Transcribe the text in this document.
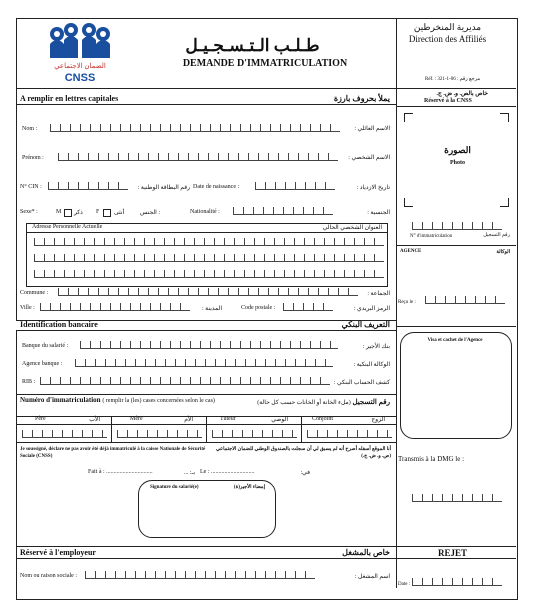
الضمان الاجتماعي
CNSS
طـلـب الـتـسـجـيـل
DEMANDE D'IMMATRICULATION
مديرية المنخرطين
Direction des Affiliés
Réf. : 321-1-06 : مرجع رقم
A remplir en lettres capitales	يملأ بحروف بارزة	خاص بالص. و. ض. ج.
Réservé à la CNSS
Nom :	الاسم العائلي :
Prénom :	الاسم الشخصي :
N° CIN :	رقم البطاقة الوطنية : Date de naissance :	تاريخ الازدياد :
Sexe* :	M ذكر F أنثى	الجنس :	Nationalité :	الجنسية :
Adresse Personnelle Actuelle	العنوان الشخصي الحالي
Commune :	الجماعة :
Ville :	المدينة :	Code postale :	الرمز البريدي :
الصورة
Photo
N° d'immatriculation	رقم التسجيل
AGENCE	الوكالة
Reçu le :
Visa et cachet de l'Agence
Transmis à la DMG le :
Identification bancaire	التعريف البنكي
Banque du salarié :	بنك الأجير :
Agence banque :	الوكالة البنكية :
RIB :	كشف الحساب البنكي :
Numéro d'immatriculation ( remplir la (les) cases concernées selon le cas)	رقم التسجيل (ملء الخانة أو الخانات حسب كل حالة)
Père	الأب	Mère	الأم	Tuteur	الوصي	Conjoint	الزوج
Je soussigné, déclare ne pas avoir été déjà immatriculé à la caisse Nationale de Sécurité Sociale (CNSS)
أنا الموقع أسفله أصرح أنه لم يسبق لي أن سجلت بالصندوق الوطني للضمان الاجتماعي (ص. و. ض. ج.)
Fait à : ...............................	في:
Le : .............................
بـ: ...
Signature du salarié(e)	إمضاء الأجير(ة)
Réservé à l'employeur	خاص بالمشغل	REJET
Nom ou raison sociale :	اسم المشغل :
Date :
